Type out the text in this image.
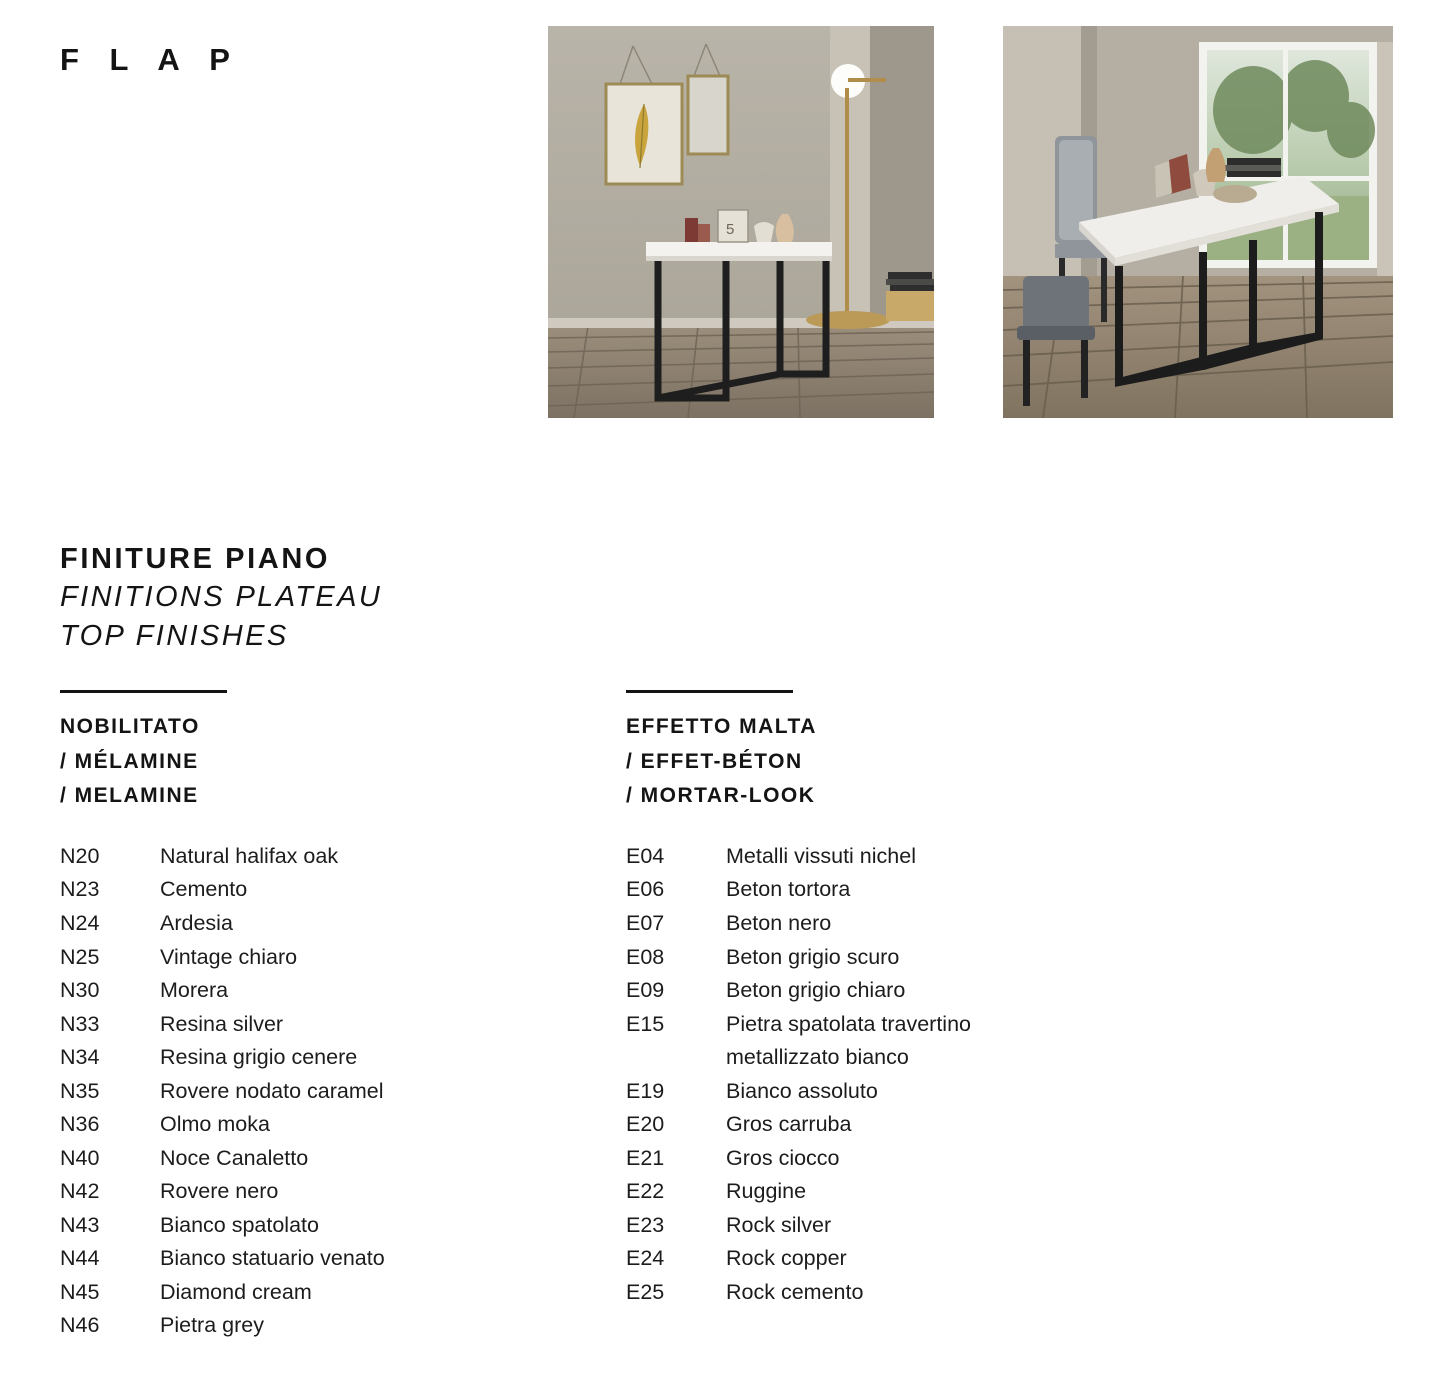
F L A P
5
FINITURE PIANO
FINITIONS PLATEAU
TOP FINISHES
NOBILITATO
/ MÉLAMINE
/ MELAMINE
N20	Natural halifax oak
N23	Cemento
N24	Ardesia
N25	Vintage chiaro
N30	Morera
N33	Resina silver
N34	Resina grigio cenere
N35	Rovere nodato caramel
N36	Olmo moka
N40	Noce Canaletto
N42	Rovere nero
N43	Bianco spatolato
N44	Bianco statuario venato
N45	Diamond cream
N46	Pietra grey
EFFETTO MALTA
/ EFFET-BÉTON
/ MORTAR-LOOK
E04	Metalli vissuti nichel
E06	Beton tortora
E07	Beton nero
E08	Beton grigio scuro
E09	Beton grigio chiaro
E15	Pietra spatolata travertino
metallizzato bianco
E19	Bianco assoluto
E20	Gros carruba
E21	Gros ciocco
E22	Ruggine
E23	Rock silver
E24	Rock copper
E25	Rock cemento
